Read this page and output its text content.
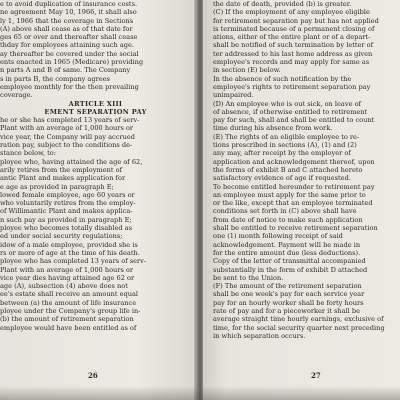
e to avoid duplication of insurance costs.
ne agreement May 10, 1966, it shall also
ly 1, 1966 that the coverage in Sections
(A) above shall cease as of that date for
ges 65 or over and thereafter shall cease
thday for employees attaining such age.
ay thereafter be covered under the social
ents enacted in 1965 (Medicare) providing
n parts A and B of same. The Company
s in parts B, the company agrees
employee monthly for the then prevailing
coverage.
ARTICLE XIII
EMENT SEPARATION PAY
he or she has completed 13 years of serv-
Plant with an average of 1,000 hours or
vice year, the Company will pay accrued
ration pay, subject to the conditions de-
stance below, to:
ployee who, having attained the age of 62,
arily retires from the employment of
antic Plant and makes application for
e age as provided in paragraph E;
lowed female employee, age 60 years or
who voluntarily retires from the employ-
of Willimantic Plant and makes applica-
n such pay as provided in paragraph E;
ployee who becomes totally disabled as
ed under social security regulations;
idow of a male employee, provided she is
rs or more of age at the time of his death.
ployee who has completed 13 years of serv-
Plant with an average of 1,000 hours or
vice year dies having attained age 62 or
age (A), subsection (4) above does not
ee's estate shall receive an amount equal
between (a) the amount of life insurance
ployee under the Company's group life in-
(b) the amount of retirement separation
employee would have been entitled as of
26
the date of death, provided (b) is greater.
(C) If the employment of any employee eligible
for retirement separation pay but has not applied
is terminated because of a permanent closing of
ations, either of the entire plant or of a depart-
shall be notified of such termination by letter of
ter addressed to his last home address as given
employee's records and may apply for same as
in section (E) below.
In the absence of such notification by the
employee's rights to retirement separation pay
unimpaired.
(D) An employee who is out sick, on leave of
of absence, if otherwise entitled to retirement
pay for such, shall and shall be entitled to count
time during his absence from work.
(E) The rights of an eligible employee to re-
tions prescribed in sections (A), (1) and (2)
any may, after receipt by the employer of
application and acknowledgement thereof, upon
the forms of exhibit B and C attached hereto
satisfactory evidence of age if requested.
To become entitled hereunder to retirement pay
an employee must apply for the same prior to
or the like, except that an employee terminated
conditions set forth in (C) above shall have
from date of notice to make such application
shall be entitled to receive retirement separation
one (1) month following receipt of said
acknowledgement. Payment will be made in
for the entire amount due (less deductions).
Copy of the letter of transmittal accompanied
substantially in the form of exhibit D attached
be sent to the Union.
(F) The amount of the retirement separation
shall be one week's pay for each service year
pay for an hourly worker shall be forty hours
rate of pay and for a pieceworker it shall be
average straight time hourly earnings, exclusive of
time, for the social security quarter next preceding
in which separation occurs.
27
